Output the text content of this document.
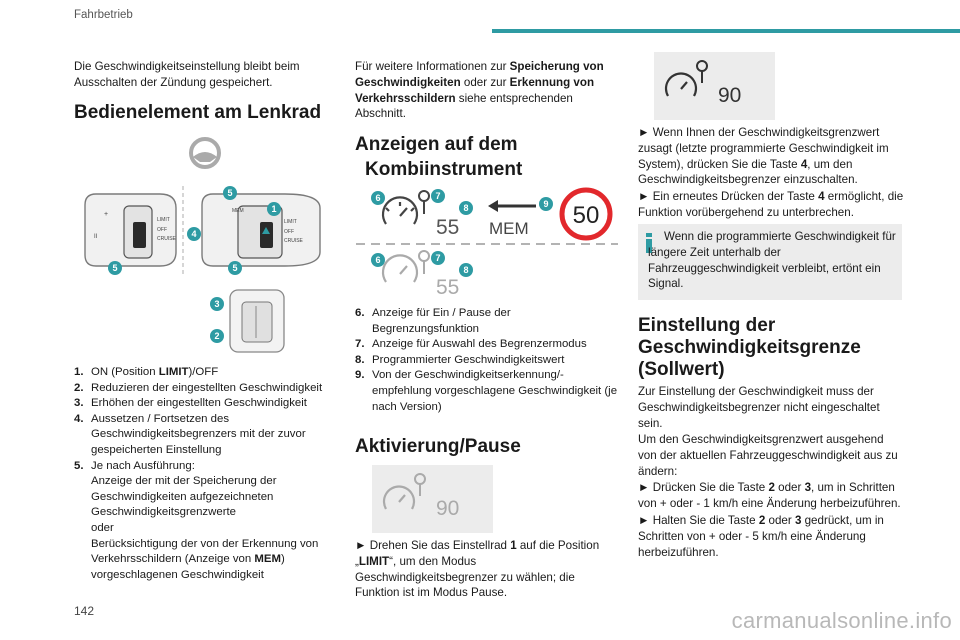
Fahrbetrieb

Die Geschwindigkeitseinstellung bleibt beim Ausschalten der Zündung gespeichert.

Bedienelement am Lenkrad
+
II
LIMIT
OFF
CRUISE
MEM
LIMIT
OFF
CRUISE
5
1
4
5	5
3
2
1. ON (Position LIMIT)/OFF
2. Reduzieren der eingestellten Geschwindigkeit
3. Erhöhen der eingestellten Geschwindigkeit
4. Aussetzen / Fortsetzen des Geschwindigkeitsbegrenzers mit der zuvor gespeicherten Einstellung
5. Je nach Ausführung:
Anzeige der mit der Speicherung der Geschwindigkeiten aufgezeichneten Geschwindigkeitsgrenzwerte
oder
Berücksichtigung der von der Erkennung von Verkehrsschildern (Anzeige von MEM) vorgeschlagenen Geschwindigkeit

Für weitere Informationen zur Speicherung von Geschwindigkeiten oder zur Erkennung von Verkehrsschildern siehe entsprechenden Abschnitt.

Anzeigen auf dem
Kombiinstrument
55 MEM 50
55
6	7
8	9
6	7
8
6. Anzeige für Ein / Pause der Begrenzungsfunktion
7. Anzeige für Auswahl des Begrenzermodus
8. Programmierter Geschwindigkeitswert
9. Von der Geschwindigkeitserkennung/-empfehlung vorgeschlagene Geschwindigkeit (je nach Version)
Aktivierung/Pause
90

► Drehen Sie das Einstellrad 1 auf die Position „LIMIT“, um den Modus Geschwindigkeitsbegrenzer zu wählen; die Funktion ist im Modus Pause.

90

► Wenn Ihnen der Geschwindigkeitsgrenzwert zusagt (letzte programmierte Geschwindigkeit im System), drücken Sie die Taste 4, um den Geschwindigkeitsbegrenzer einzuschalten.

► Ein erneutes Drücken der Taste 4 ermöglicht, die Funktion vorübergehend zu unterbrechen.

Wenn die programmierte Geschwindigkeit für längere Zeit unterhalb der Fahrzeuggeschwindigkeit verbleibt, ertönt ein Signal.

Einstellung der
Geschwindigkeitsgrenze
(Sollwert)

Zur Einstellung der Geschwindigkeit muss der Geschwindigkeitsbegrenzer nicht eingeschaltet sein.

Um den Geschwindigkeitsgrenzwert ausgehend von der aktuellen Fahrzeuggeschwindigkeit aus zu ändern:

► Drücken Sie die Taste 2 oder 3, um in Schritten von + oder - 1 km/h eine Änderung herbeizuführen.

► Halten Sie die Taste 2 oder 3 gedrückt, um in Schritten von + oder - 5 km/h eine Änderung herbeizuführen.

142	carmanualsonline.info
